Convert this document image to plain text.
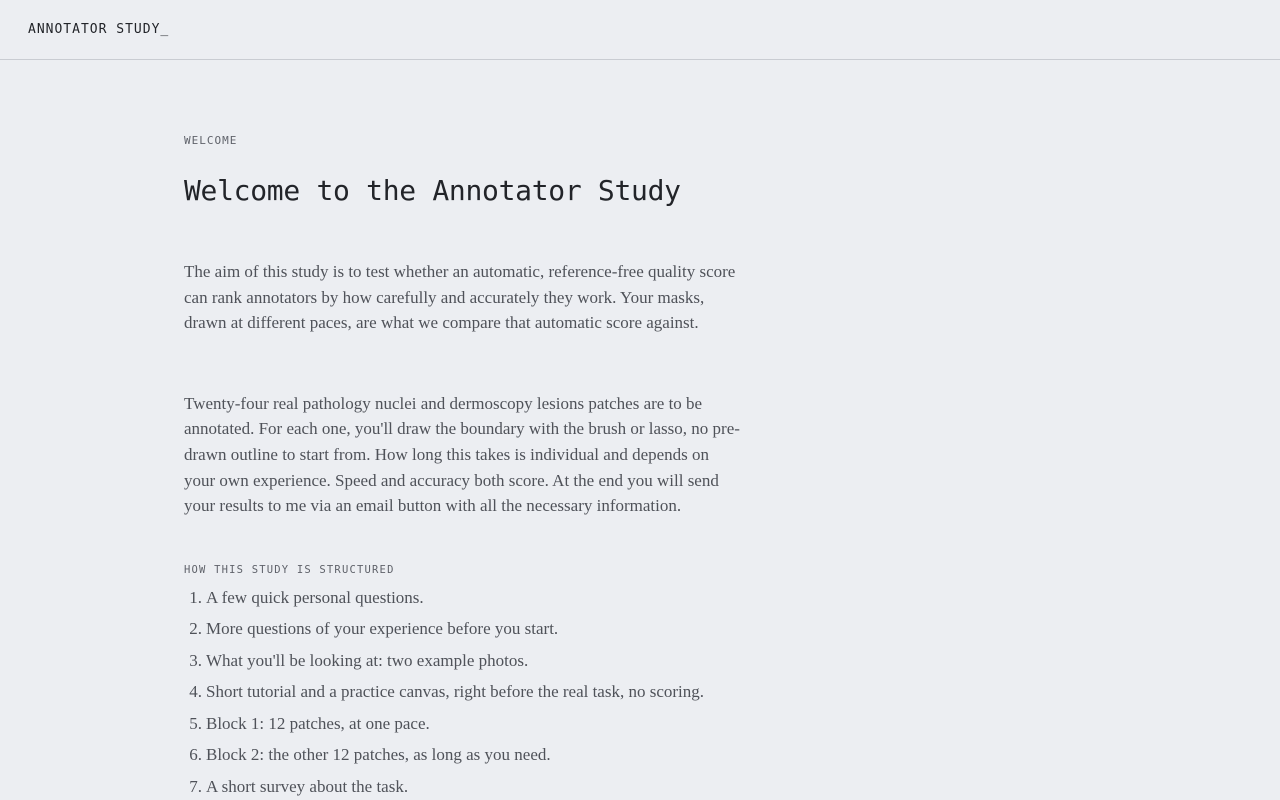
ANNOTATOR STUDY_
WELCOME
Welcome to the Annotator Study

The aim of this study is to test whether an automatic, reference-free quality score can rank annotators by how carefully and accurately they work. Your masks, drawn at different paces, are what we compare that automatic score against.

Twenty-four real pathology nuclei and dermoscopy lesions patches are to be annotated. For each one, you'll draw the boundary with the brush or lasso, no pre-drawn outline to start from. How long this takes is individual and depends on your own experience. Speed and accuracy both score. At the end you will send your results to me via an email button with all the necessary information.

HOW THIS STUDY IS STRUCTURED
1. A few quick personal questions.
2. More questions of your experience before you start.
3. What you'll be looking at: two example photos.
4. Short tutorial and a practice canvas, right before the real task, no scoring.
5. Block 1: 12 patches, at one pace.
6. Block 2: the other 12 patches, as long as you need.
7. A short survey about the task.
